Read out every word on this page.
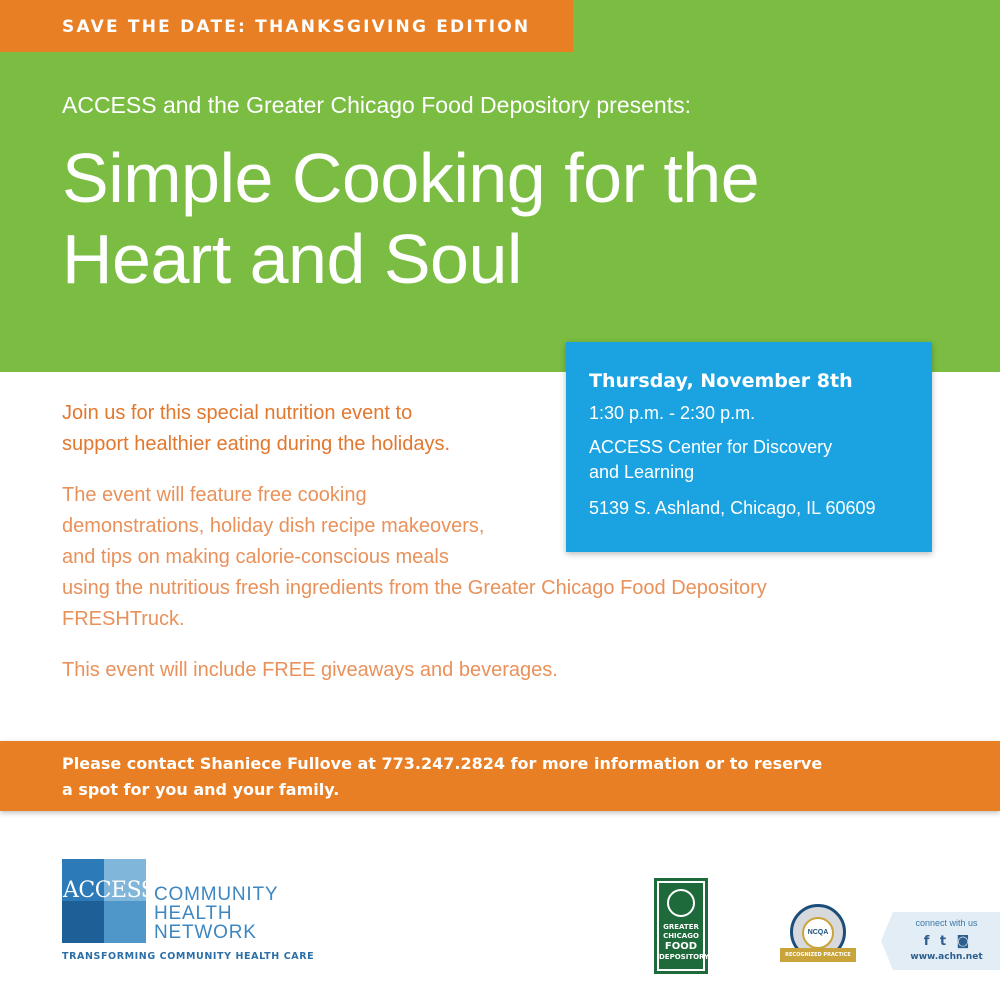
SAVE THE DATE: THANKSGIVING EDITION
ACCESS and the Greater Chicago Food Depository presents:
Simple Cooking for the
Heart and Soul
Thursday, November 8th
1:30 p.m. - 2:30 p.m.
ACCESS Center for Discovery
and Learning
5139 S. Ashland, Chicago, IL 60609

Join us for this special nutrition event to
support healthier eating during the holidays.

The event will feature free cooking
demonstrations, holiday dish recipe makeovers,
and tips on making calorie-conscious meals
using the nutritious fresh ingredients from the Greater Chicago Food Depository
FRESHTruck.

This event will include FREE giveaways and beverages.

Please contact Shaniece Fullove at 773.247.2824 for more information or to reserve
a spot for you and your family.
ACCESS
COMMUNITY
HEALTH
NETWORK
TRANSFORMING COMMUNITY HEALTH CARE
GREATER
CHICAGO
FOOD
DEPOSITORY
NCQA
RECOGNIZED PRACTICE
connect with us
f t ◙
www.achn.net
